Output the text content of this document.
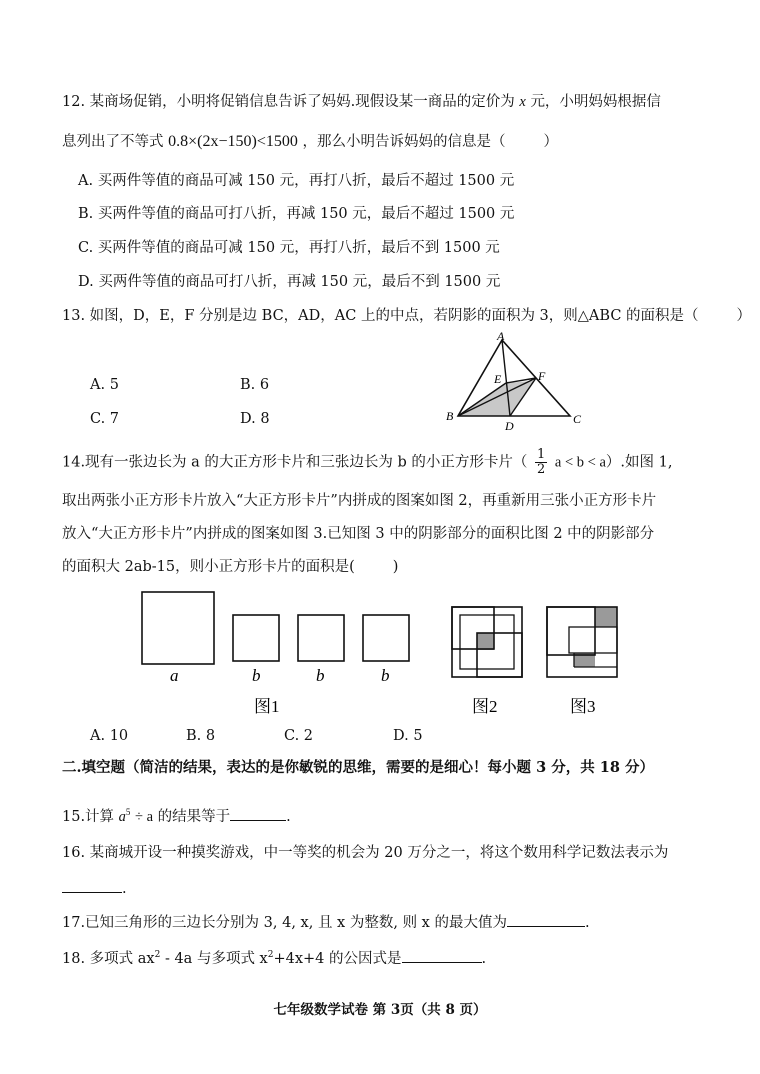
12. 某商场促销，小明将促销信息告诉了妈妈.现假设某一商品的定价为 x 元，小明妈妈根据信
息列出了不等式 0.8×(2x−150)<1500 ，那么小明告诉妈妈的信息是（	）
A. 买两件等值的商品可减 150 元，再打八折，最后不超过 1500 元
B. 买两件等值的商品可打八折，再减 150 元，最后不超过 1500 元
C. 买两件等值的商品可减 150 元，再打八折，最后不到 1500 元
D. 买两件等值的商品可打八折，再减 150 元，最后不到 1500 元
13. 如图，D，E，F 分别是边 BC，AD，AC 上的中点，若阴影的面积为 3，则△ABC 的面积是（	）
A. 5	B. 6
C. 7	D. 8
A
B	C
D
E	F
14.现有一张边长为 a 的大正方形卡片和三张边长为 b 的小正方形卡片（ $\frac{1}{2}$ a < b < a）.如图 1,
取出两张小正方形卡片放入“大正方形卡片”内拼成的图案如图 2，再重新用三张小正方形卡片
放入“大正方形卡片”内拼成的图案如图 3.已知图 3 中的阴影部分的面积比图 2 中的阴影部分
的面积大 2ab-15，则小正方形卡片的面积是(	)
a	b	b	b
图1	图2	图3
A. 10	B. 8	C. 2	D. 5
二.填空题（简洁的结果，表达的是你敏锐的思维，需要的是细心！每小题 3 分，共 18 分）
15.计算 $a^5 \div a$ 的结果等于	.
16. 某商城开设一种摸奖游戏，中一等奖的机会为 20 万分之一，将这个数用科学记数法表示为
.
17.已知三角形的三边长分别为 3, 4, x, 且 x 为整数, 则 x 的最大值为	.
18. 多项式 $ax^2 - 4a$ 与多项式 $x^2+4x+4$ 的公因式是	.
七年级数学试卷 第 3页（共 8 页）
